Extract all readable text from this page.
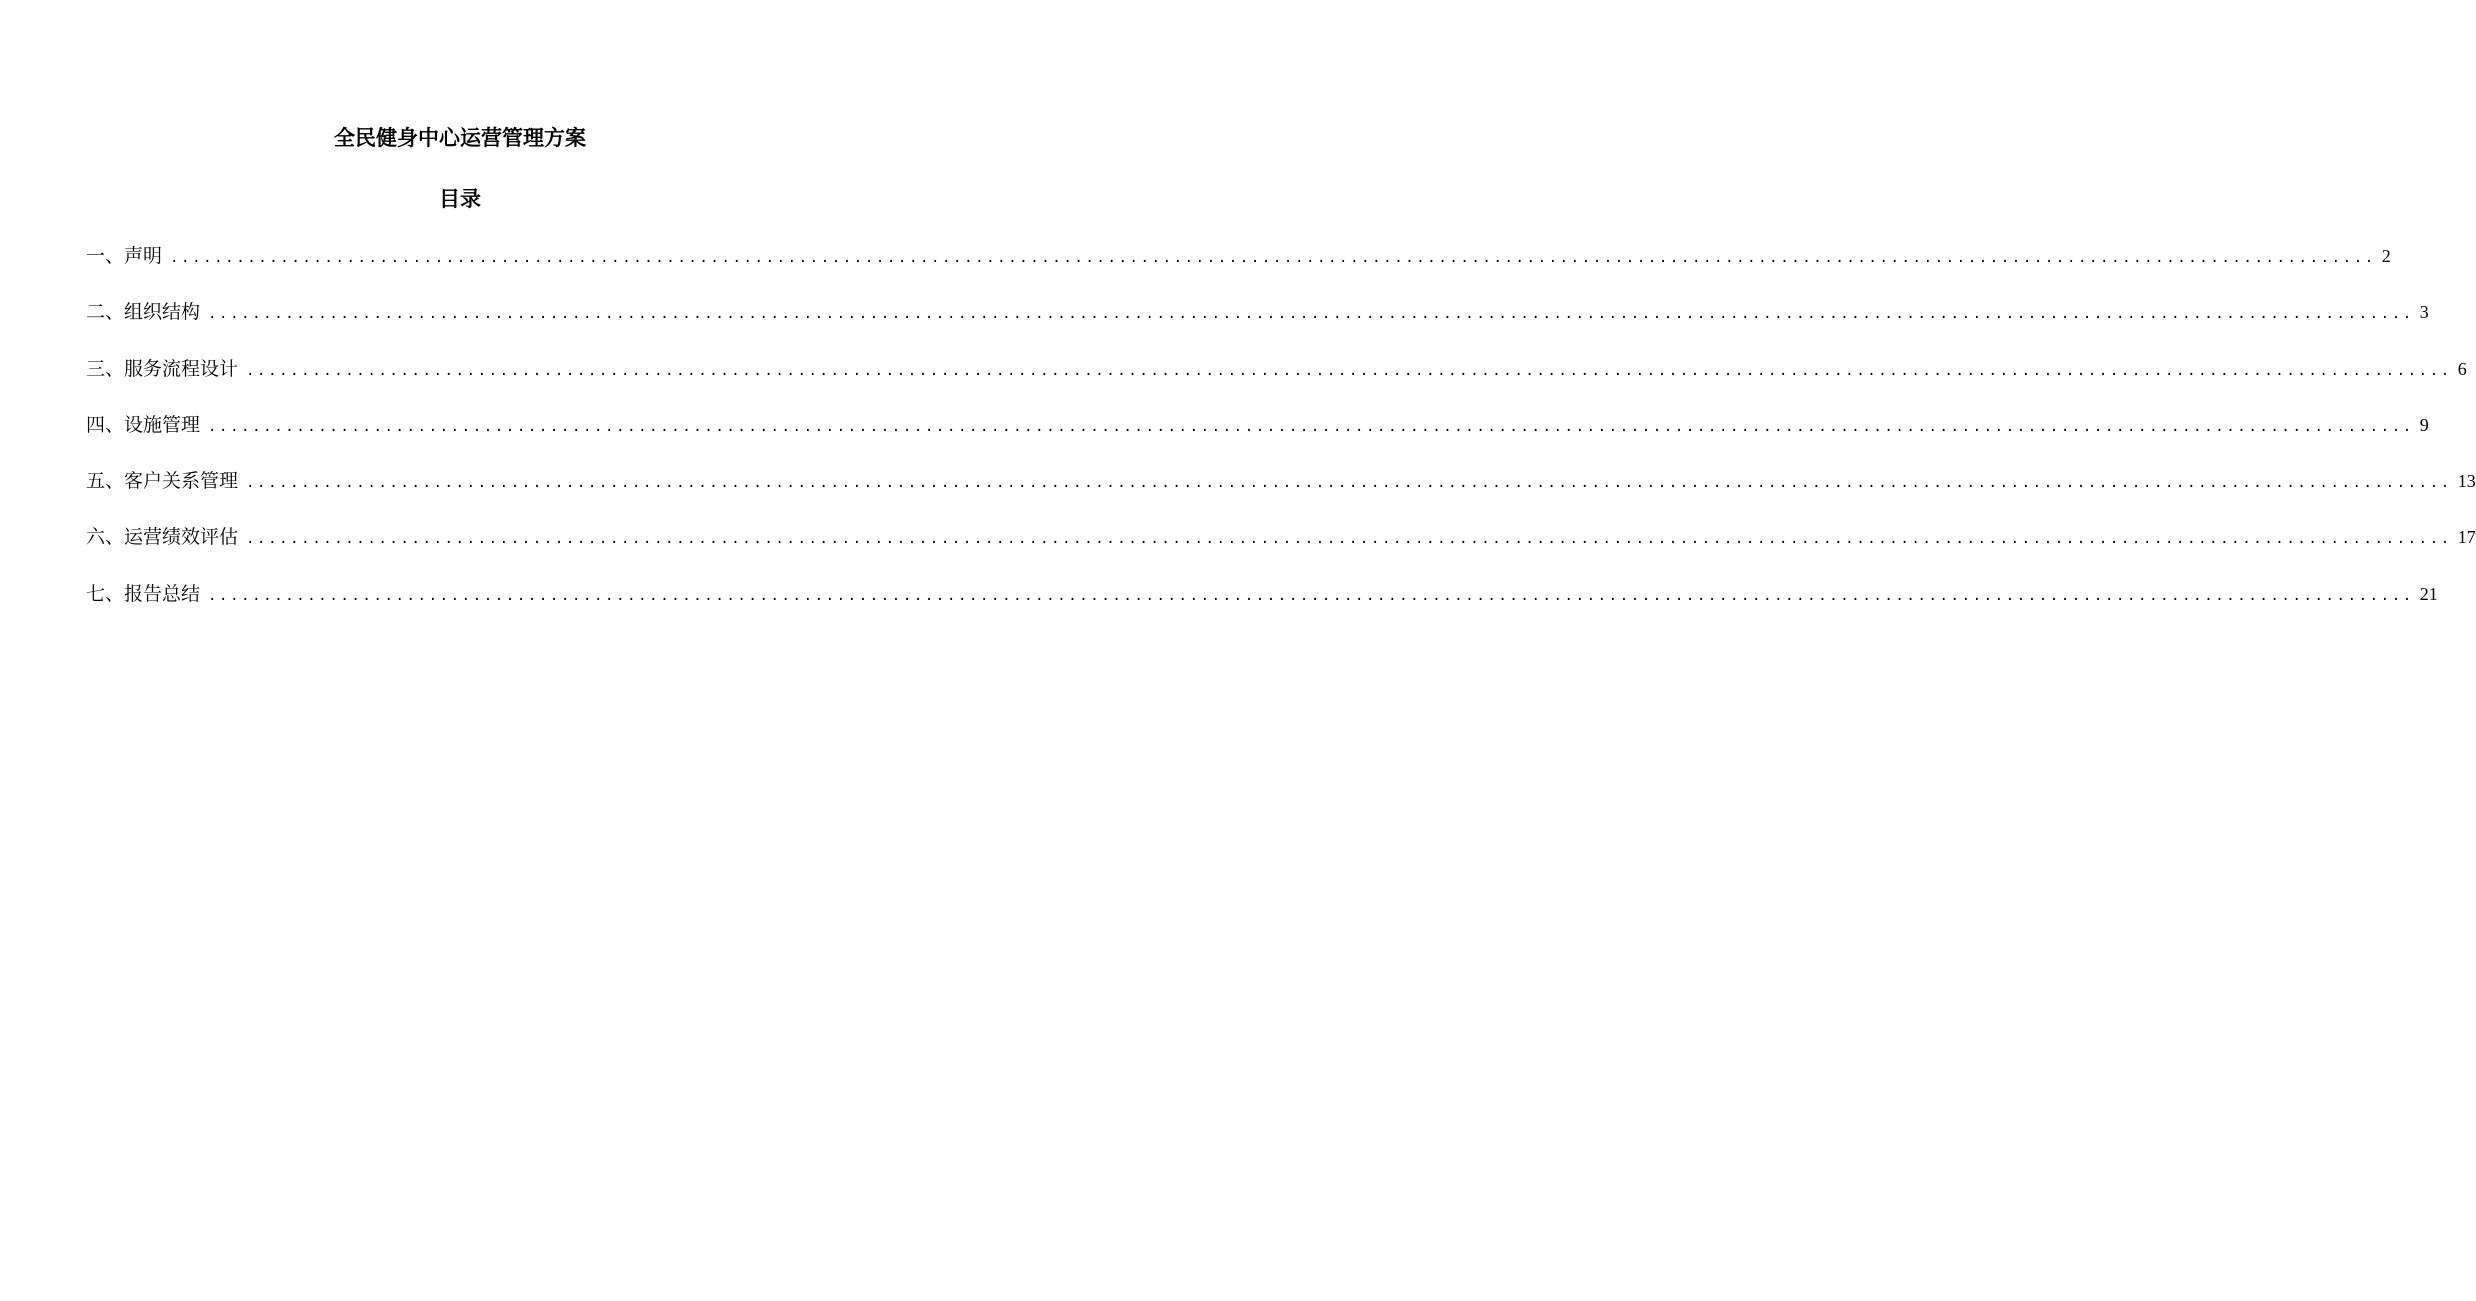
全民健身中心运营管理方案
目录
一、声明 ........................................................................................................................................................................................................ 2
二、组织结构 ........................................................................................................................................................................................................ 3
三、服务流程设计 ........................................................................................................................................................................................................ 6
四、设施管理 ........................................................................................................................................................................................................ 9
五、客户关系管理 ........................................................................................................................................................................................................ 13
六、运营绩效评估 ........................................................................................................................................................................................................ 17
七、报告总结 ........................................................................................................................................................................................................ 21
